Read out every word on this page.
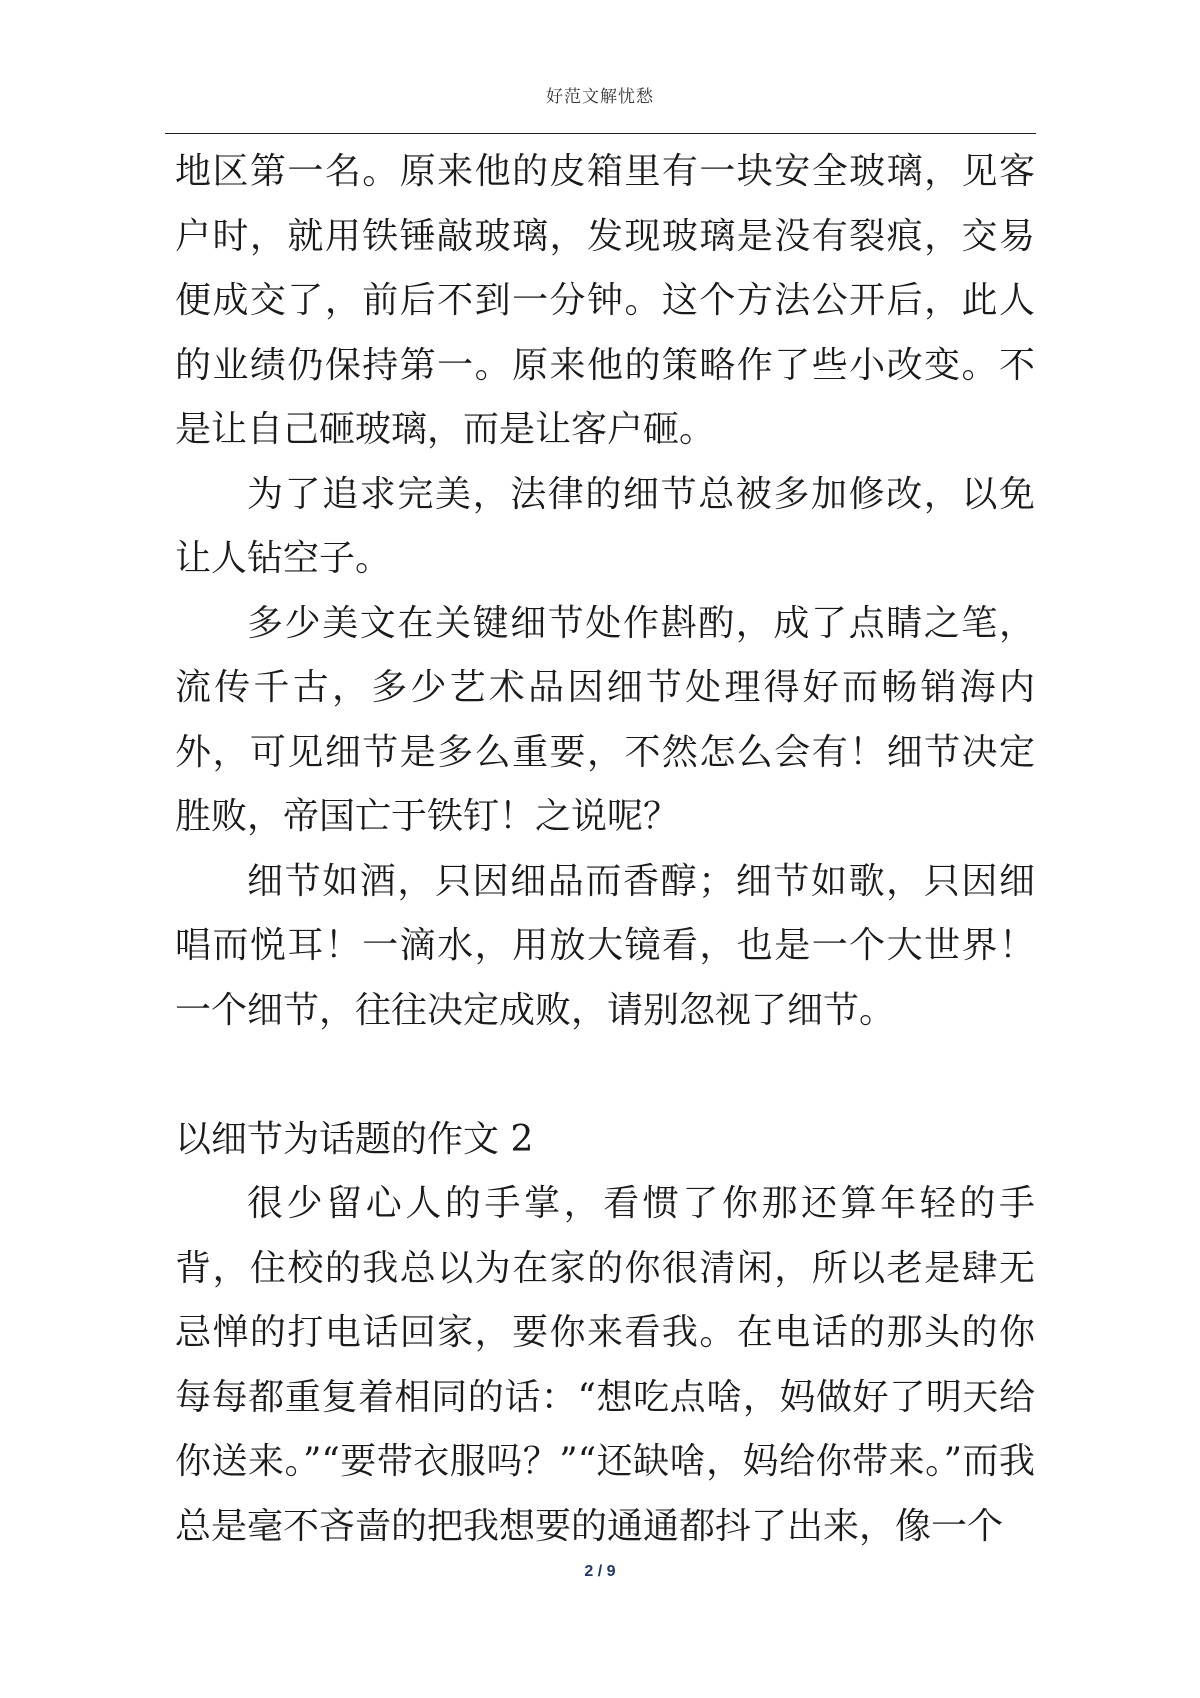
好范文解忧愁

地区第一名。原来他的皮箱里有一块安全玻璃，见客户时，就用铁锤敲玻璃，发现玻璃是没有裂痕，交易便成交了，前后不到一分钟。这个方法公开后，此人的业绩仍保持第一。原来他的策略作了些小改变。不是让自己砸玻璃，而是让客户砸。

为了追求完美，法律的细节总被多加修改，以免让人钻空子。

多少美文在关键细节处作斟酌，成了点睛之笔，流传千古，多少艺术品因细节处理得好而畅销海内外，可见细节是多么重要，不然怎么会有！细节决定胜败，帝国亡于铁钉！之说呢？

细节如酒，只因细品而香醇；细节如歌，只因细唱而悦耳！一滴水，用放大镜看，也是一个大世界！一个细节，往往决定成败，请别忽视了细节。

以细节为话题的作文 2

很少留心人的手掌，看惯了你那还算年轻的手背，住校的我总以为在家的你很清闲，所以老是肆无忌惮的打电话回家，要你来看我。在电话的那头的你每每都重复着相同的话：“想吃点啥，妈做好了明天给你送来。”“要带衣服吗？”“还缺啥，妈给你带来。”而我总是毫不吝啬的把我想要的通通都抖了出来，像一个

2 / 9
